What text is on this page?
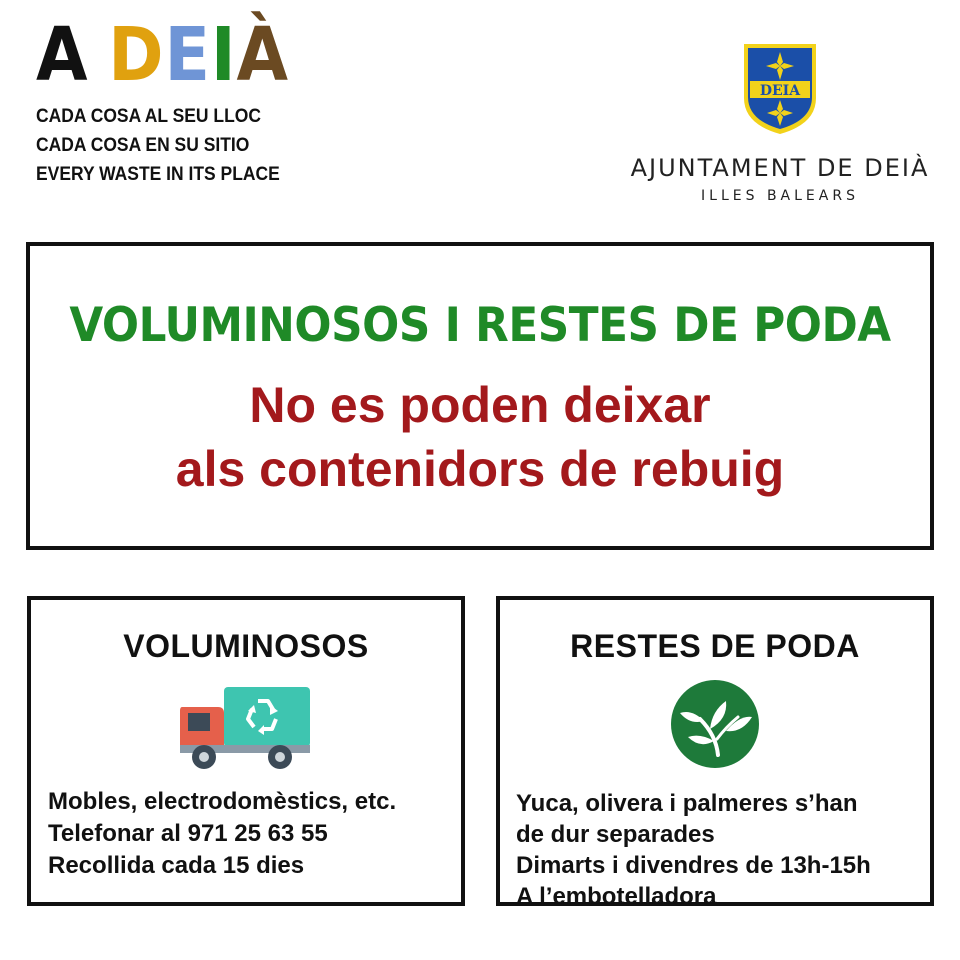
A DEIÀ
CADA COSA AL SEU LLOC
CADA COSA EN SU SITIO
EVERY WASTE IN ITS PLACE
DEIA
AJUNTAMENT DE DEIÀ
ILLES BALEARS
VOLUMINOSOS I RESTES DE PODA
No es poden deixar
als contenidors de rebuig
VOLUMINOSOS
Mobles, electrodomèstics, etc.
Telefonar al 971 25 63 55
Recollida cada 15 dies
RESTES DE PODA
Yuca, olivera i palmeres s’han
de dur separades
Dimarts i divendres de 13h-15h
A l’embotelladora
